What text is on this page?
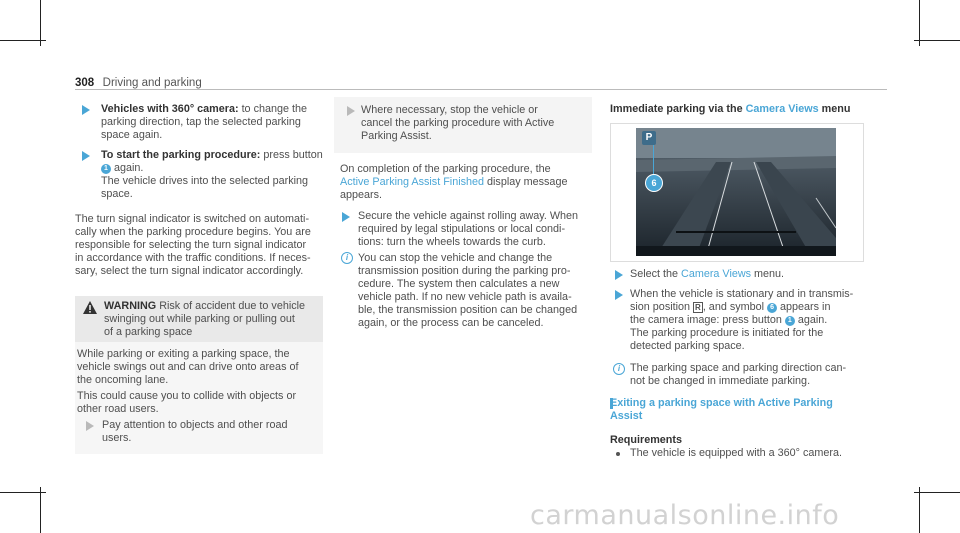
308 Driving and parking
Vehicles with 360° camera: to change the
parking direction, tap the selected parking
space again.
To start the parking procedure: press button
1 again.
The vehicle drives into the selected parking
space.
The turn signal indicator is switched on automati-
cally when the parking procedure begins. You are
responsible for selecting the turn signal indicator
in accordance with the traffic conditions. If neces-
sary, select the turn signal indicator accordingly.
WARNING Risk of accident due to vehicle
swinging out while parking or pulling out
of a parking space
While parking or exiting a parking space, the
vehicle swings out and can drive onto areas of
the oncoming lane.
This could cause you to collide with objects or
other road users.
Pay attention to objects and other road
users.
Where necessary, stop the vehicle or
cancel the parking procedure with Active
Parking Assist.
On completion of the parking procedure, the
Active Parking Assist Finished display message
appears.
Secure the vehicle against rolling away. When
required by legal stipulations or local condi-
tions: turn the wheels towards the curb.
i You can stop the vehicle and change the
transmission position during the parking pro-
cedure. The system then calculates a new
vehicle path. If no new vehicle path is availa-
ble, the transmission position can be changed
again, or the process can be canceled.
Immediate parking via the Camera Views menu
P
6
Select the Camera Views menu.
When the vehicle is stationary and in transmis-
sion position R , and symbol 6 appears in
the camera image: press button 1 again.
The parking procedure is initiated for the
detected parking space.
i The parking space and parking direction can-
not be changed in immediate parking.
Exiting a parking space with Active Parking
Assist
Requirements
The vehicle is equipped with a 360° camera.
carmanualsonline.info
